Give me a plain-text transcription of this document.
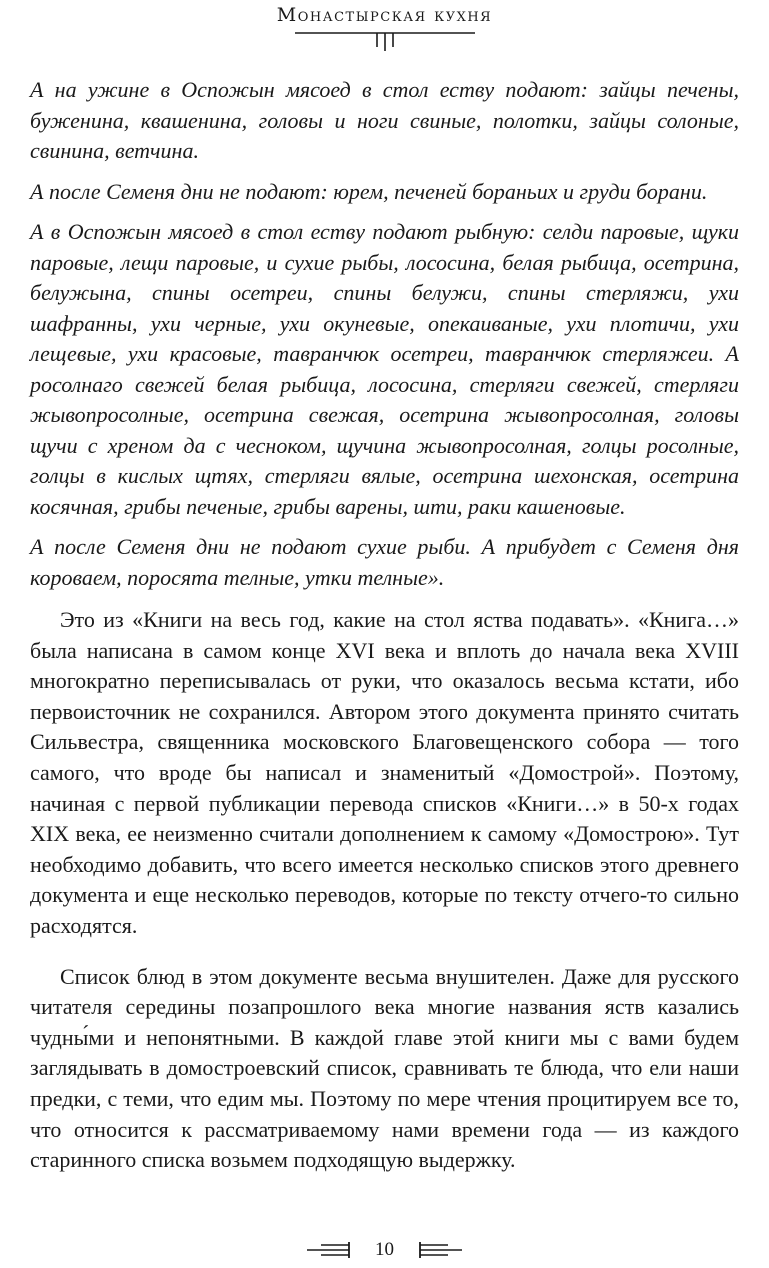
Монастырская кухня

А на ужине в Оспожын мясоед в стол ествy подают: зайцы печены, буженина, квашенина, головы и ноги свиные, полотки, зайцы солоные, свинина, ветчина.

А после Семеня дни не подают: юрем, печеней бораньих и груди борани.

А в Оспожын мясоед в стол ествy подают рыбную: селди паровые, щуки паровые, лещи паровые, и сухие рыбы, лососина, белая рыбица, осетрина, белужына, спины осетреи, спины белужи, спины стерляжи, ухи шафранны, ухи черные, ухи окуневые, опекаиваные, ухи плотичи, ухи лещевые, ухи красовые, тавранчюк осетреи, тавранчюк стерляжеи. А росолнаго свежей белая рыбица, лососина, стерляги свежей, стерляги жывопросолные, осетрина свежая, осетрина жывопросолная, головы щучи с хреном да с чесноком, щучина жывопросолная, голцы росолные, голцы в кислых щтях, стерляги вялые, осетрина шехонская, осетрина косячная, грибы печеные, грибы варены, шти, раки кашеновые.

А после Семеня дни не подают сухие рыби. А прибудет с Семеня дня короваем, поросята телные, утки телные».

Это из «Книги на весь год, какие на стол яства подавать». «Книга…» была написана в самом конце XVI века и вплоть до начала века XVIII многократно переписывалась от руки, что оказалось весьма кстати, ибо первоисточник не сохранился. Автором этого документа принято считать Сильвестра, священника московского Благовещенского собора — того самого, что вроде бы написал и знаменитый «Домострой». Поэтому, начиная с первой публикации перевода списков «Книги…» в 50-х годах XIX века, ее неизменно считали дополнением к самому «Домострою». Тут необходимо добавить, что всего имеется несколько списков этого древнего документа и еще несколько переводов, которые по тексту отчего-то сильно расходятся.

Список блюд в этом документе весьма внушителен. Даже для русского читателя середины позапрошлого века многие названия яств казались чудны́ми и непонятными. В каждой главе этой книги мы с вами будем заглядывать в домостроевский список, сравнивать те блюда, что ели наши предки, с теми, что едим мы. Поэтому по мере чтения процитируем все то, что относится к рассматриваемому нами времени года — из каждого старинного списка возьмем подходящую выдержку.

10
